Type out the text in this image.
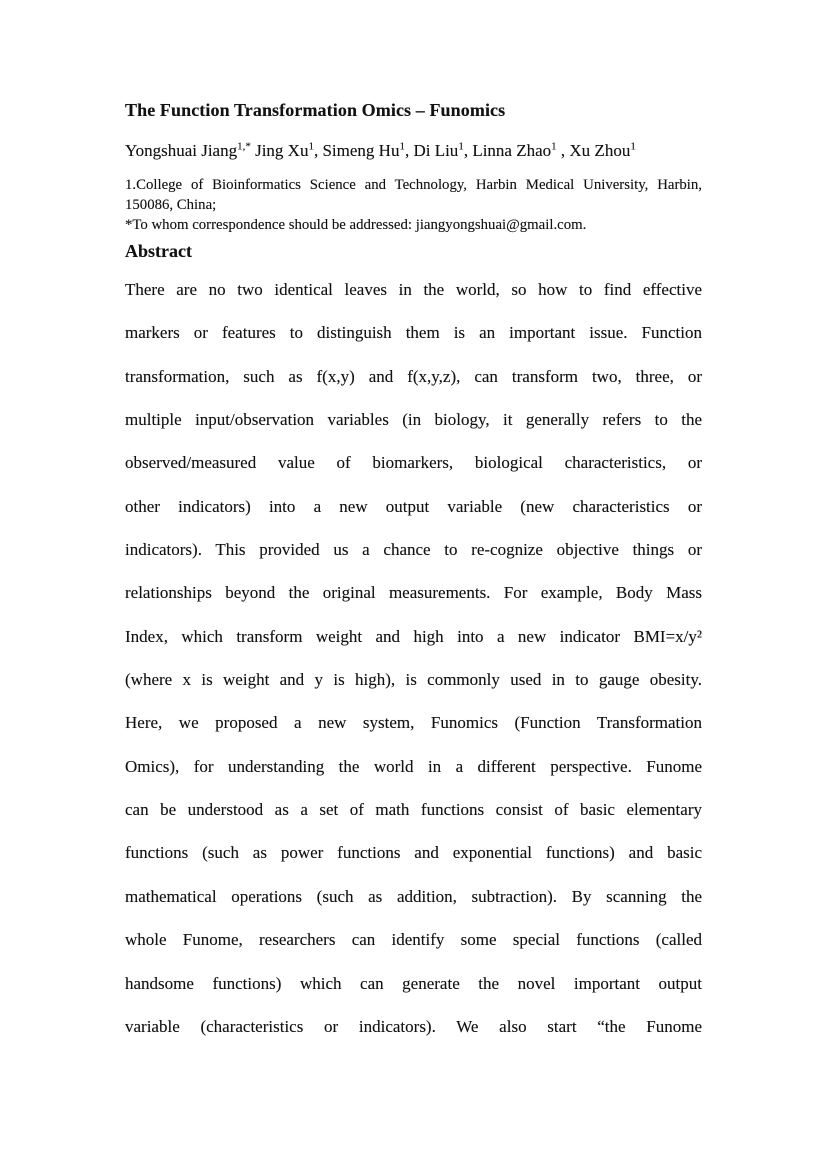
The Function Transformation Omics – Funomics
Yongshuai Jiang$^{1,*}$ Jing Xu$^1$, Simeng Hu$^1$, Di Liu$^1$, Linna Zhao$^1$ , Xu Zhou$^1$
1.College of Bioinformatics Science and Technology, Harbin Medical University, Harbin,
150086, China;
*To whom correspondence should be addressed: jiangyongshuai@gmail.com.
Abstract
There are no two identical leaves in the world, so how to find effective
markers or features to distinguish them is an important issue. Function
transformation, such as f(x,y) and f(x,y,z), can transform two, three, or
multiple input/observation variables (in biology, it generally refers to the
observed/measured value of biomarkers, biological characteristics, or
other indicators) into a new output variable (new characteristics or
indicators). This provided us a chance to re-cognize objective things or
relationships beyond the original measurements. For example, Body Mass
Index, which transform weight and high into a new indicator BMI=x/y²
(where x is weight and y is high), is commonly used in to gauge obesity.
Here, we proposed a new system, Funomics (Function Transformation
Omics), for understanding the world in a different perspective. Funome
can be understood as a set of math functions consist of basic elementary
functions (such as power functions and exponential functions) and basic
mathematical operations (such as addition, subtraction). By scanning the
whole Funome, researchers can identify some special functions (called
handsome functions) which can generate the novel important output
variable (characteristics or indicators). We also start “the Funome
